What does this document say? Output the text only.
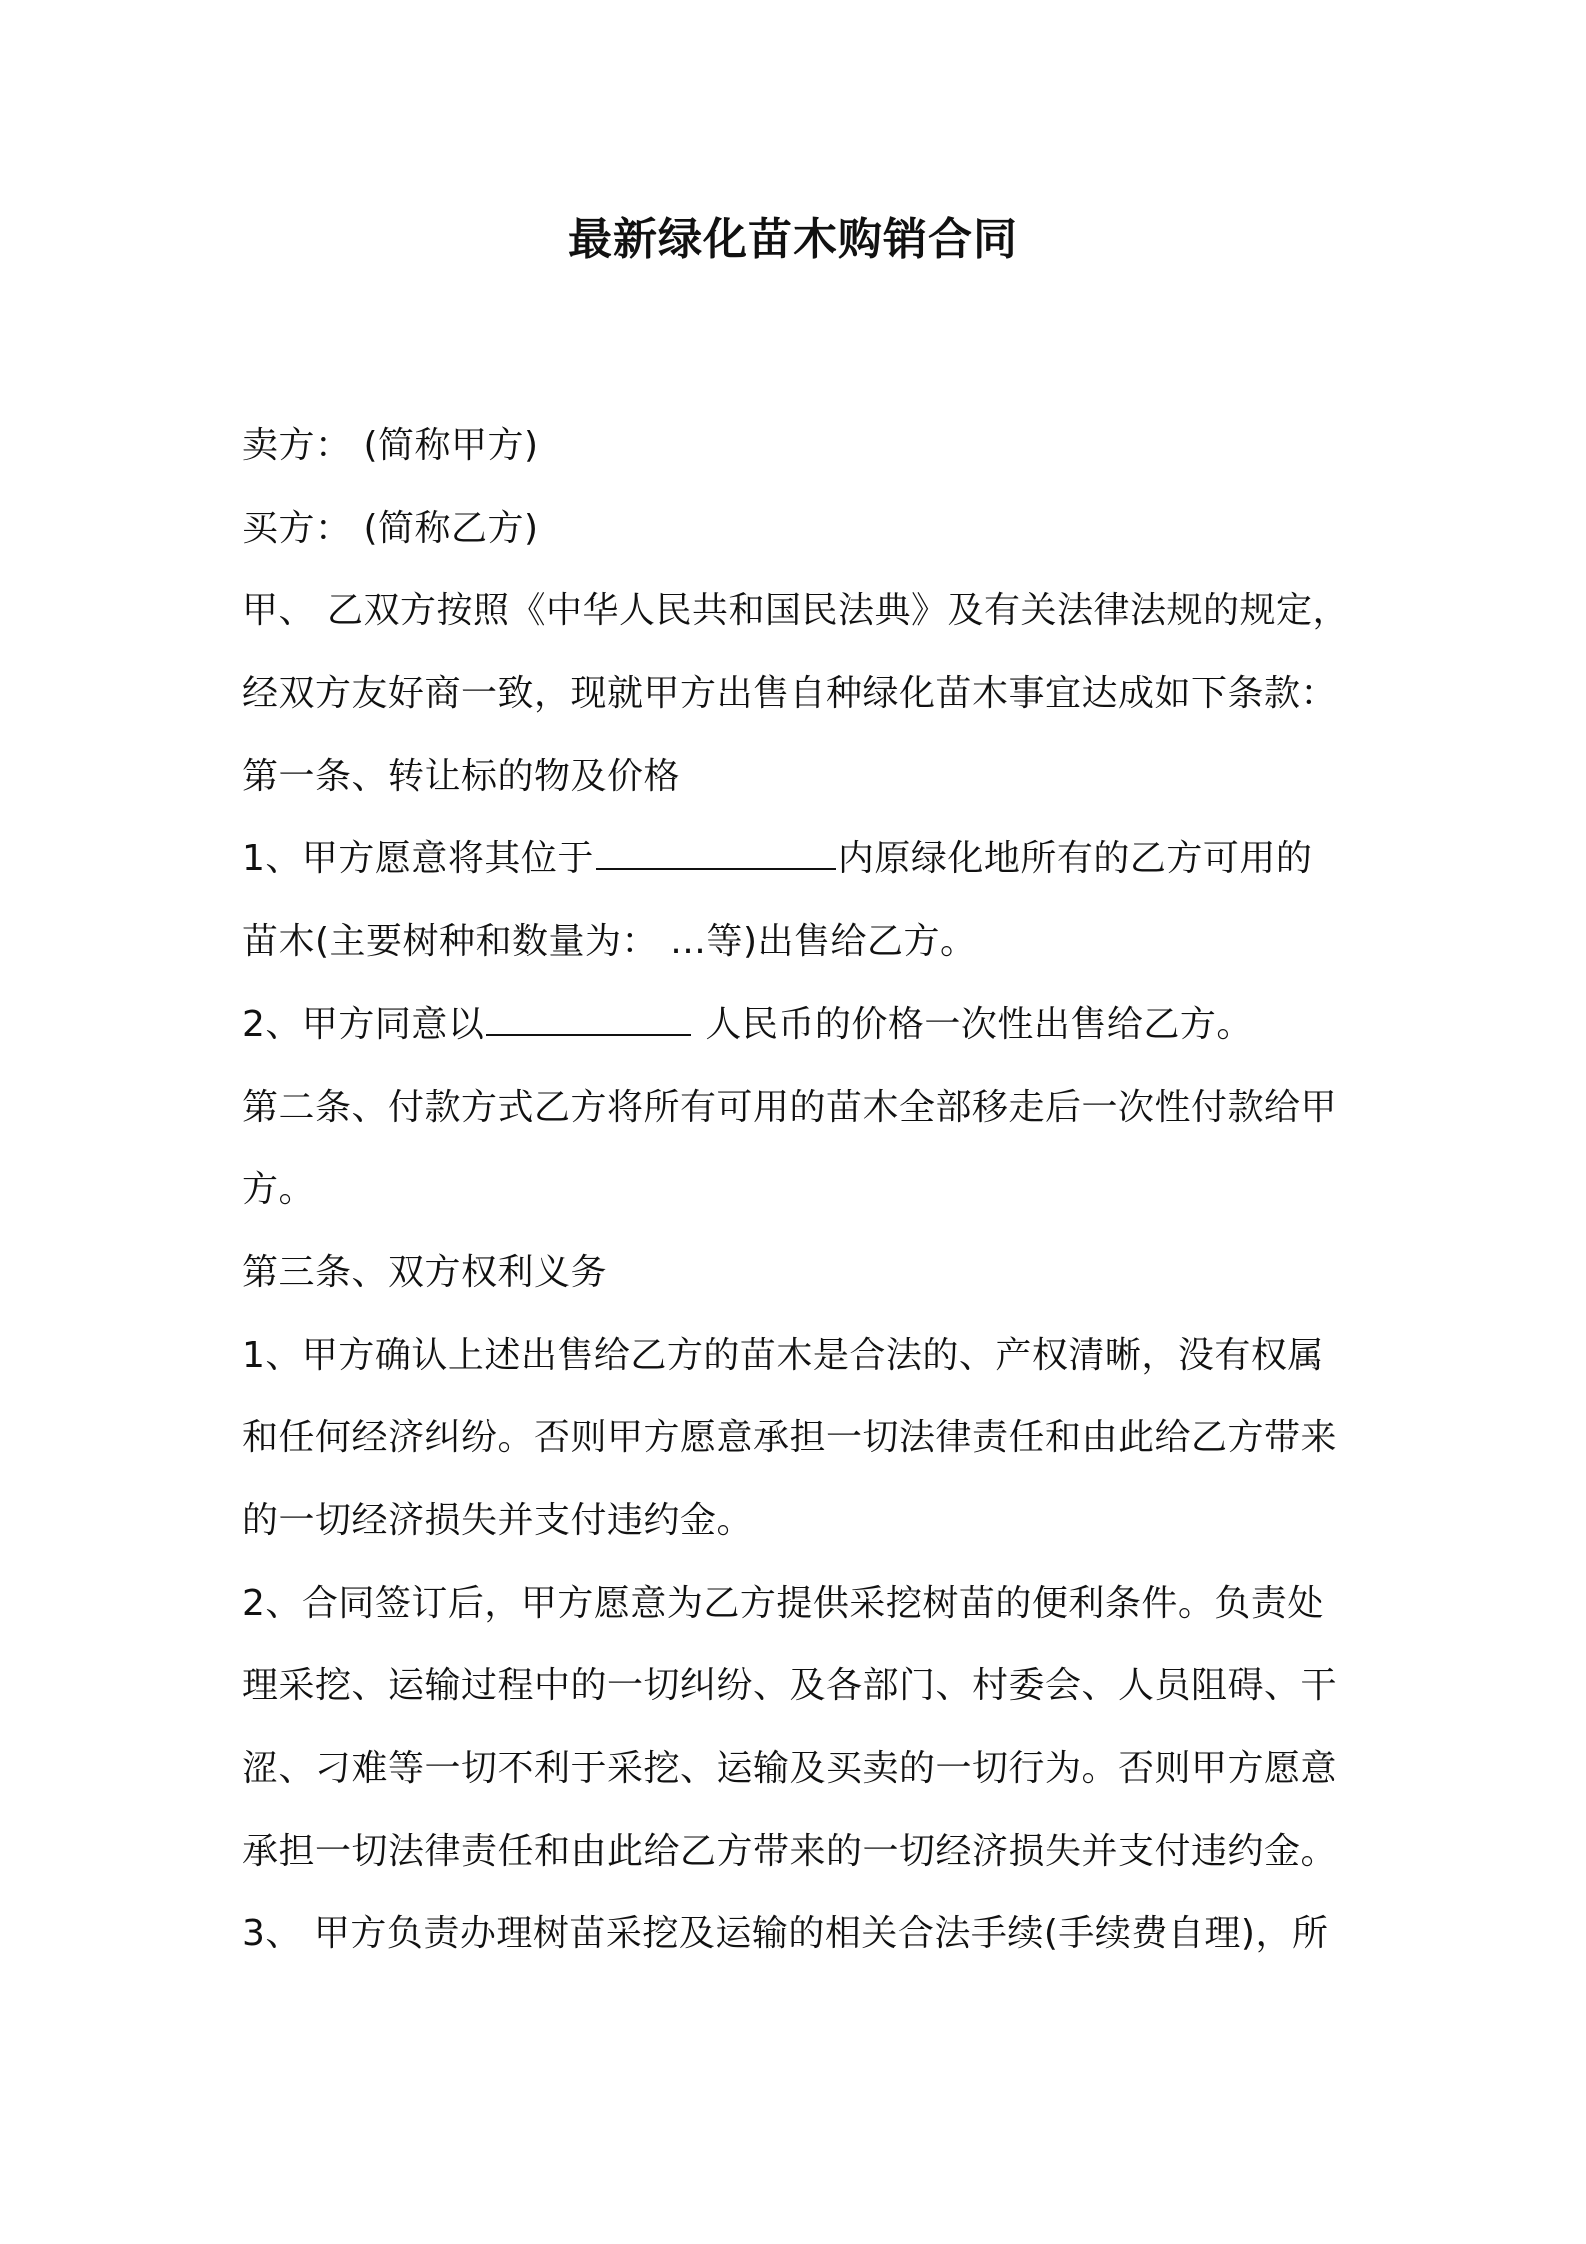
最新绿化苗木购销合同
卖方： (简称甲方)
买方： (简称乙方)
甲、 乙双方按照《中华人民共和国民法典》及有关法律法规的规定，
经双方友好商一致，现就甲方出售自种绿化苗木事宜达成如下条款：
第一条、转让标的物及价格
1、甲方愿意将其位于	内原绿化地所有的乙方可用的
苗木(主要树种和数量为： …等)出售给乙方。
2、甲方同意以	人民币的价格一次性出售给乙方。
第二条、付款方式乙方将所有可用的苗木全部移走后一次性付款给甲
方。
第三条、双方权利义务
1、甲方确认上述出售给乙方的苗木是合法的、产权清晰，没有权属
和任何经济纠纷。否则甲方愿意承担一切法律责任和由此给乙方带来
的一切经济损失并支付违约金。
2、合同签订后，甲方愿意为乙方提供采挖树苗的便利条件。负责处
理采挖、运输过程中的一切纠纷、及各部门、村委会、人员阻碍、干
涩、刁难等一切不利于采挖、运输及买卖的一切行为。否则甲方愿意
承担一切法律责任和由此给乙方带来的一切经济损失并支付违约金。
3、 甲方负责办理树苗采挖及运输的相关合法手续(手续费自理)，所
